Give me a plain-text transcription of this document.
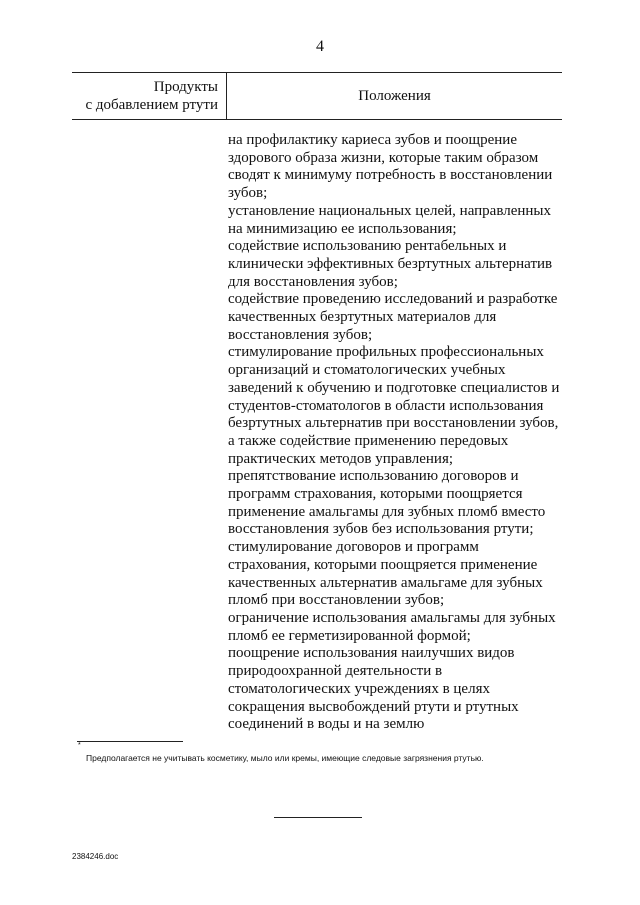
4
Продукты
с добавлением ртути
Положения
на профилактику кариеса зубов и поощрение
здорового образа жизни, которые таким образом
сводят к минимуму потребность в восстановлении
зубов;
установление национальных целей, направленных
на минимизацию ее использования;
содействие использованию рентабельных и
клинически эффективных безртутных альтернатив
для восстановления зубов;
содействие проведению исследований и разработке
качественных безртутных материалов для
восстановления зубов;
стимулирование профильных профессиональных
организаций и стоматологических учебных
заведений к обучению и подготовке специалистов и
студентов-стоматологов в области использования
безртутных альтернатив при восстановлении зубов,
а также содействие применению передовых
практических методов управления;
препятствование использованию договоров и
программ страхования, которыми поощряется
применение амальгамы для зубных пломб вместо
восстановления зубов без использования ртути;
стимулирование договоров и программ
страхования, которыми поощряется применение
качественных альтернатив амальгаме для зубных
пломб при восстановлении зубов;
ограничение использования амальгамы для зубных
пломб ее герметизированной формой;
поощрение использования наилучших видов
природоохранной деятельности в
стоматологических учреждениях в целях
сокращения высвобождений ртути и ртутных
соединений в воды и на землю
*
Предполагается не учитывать косметику, мыло или кремы, имеющие следовые загрязнения ртутью.
2384246.doc
